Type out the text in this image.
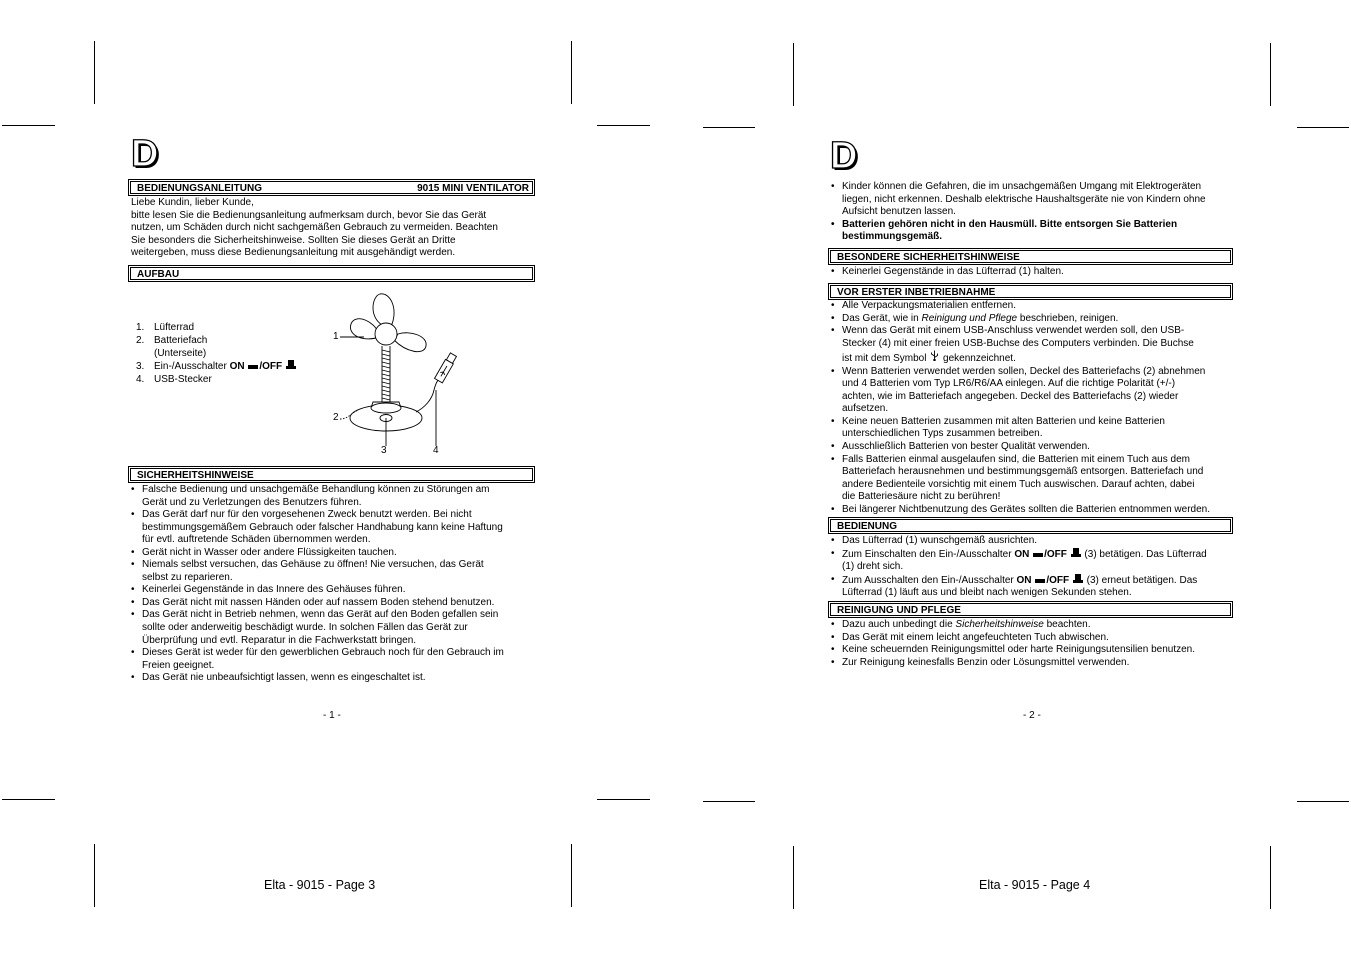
D
BEDIENUNGSANLEITUNG	9015 MINI VENTILATOR
Liebe Kundin, lieber Kunde,
bitte lesen Sie die Bedienungsanleitung aufmerksam durch, bevor Sie das Gerät
nutzen, um Schäden durch nicht sachgemäßen Gebrauch zu vermeiden. Beachten
Sie besonders die Sicherheitshinweise. Sollten Sie dieses Gerät an Dritte
weitergeben, muss diese Bedienungsanleitung mit ausgehändigt werden.
AUFBAU
1. Lüfterrad
2. Batteriefach
(Unterseite)
3. Ein-/Ausschalter ON /OFF
4. USB-Stecker
1
2
3	4
SICHERHEITSHINWEISE
• Falsche Bedienung und unsachgemäße Behandlung können zu Störungen am
Gerät und zu Verletzungen des Benutzers führen.
• Das Gerät darf nur für den vorgesehenen Zweck benutzt werden. Bei nicht
bestimmungsgemäßem Gebrauch oder falscher Handhabung kann keine Haftung
für evtl. auftretende Schäden übernommen werden.
• Gerät nicht in Wasser oder andere Flüssigkeiten tauchen.
• Niemals selbst versuchen, das Gehäuse zu öffnen! Nie versuchen, das Gerät
selbst zu reparieren.
• Keinerlei Gegenstände in das Innere des Gehäuses führen.
• Das Gerät nicht mit nassen Händen oder auf nassem Boden stehend benutzen.
• Das Gerät nicht in Betrieb nehmen, wenn das Gerät auf den Boden gefallen sein
sollte oder anderweitig beschädigt wurde. In solchen Fällen das Gerät zur
Überprüfung und evtl. Reparatur in die Fachwerkstatt bringen.
• Dieses Gerät ist weder für den gewerblichen Gebrauch noch für den Gebrauch im
Freien geeignet.
• Das Gerät nie unbeaufsichtigt lassen, wenn es eingeschaltet ist.
- 1 -
Elta - 9015 - Page 3
D
• Kinder können die Gefahren, die im unsachgemäßen Umgang mit Elektrogeräten
liegen, nicht erkennen. Deshalb elektrische Haushaltsgeräte nie von Kindern ohne
Aufsicht benutzen lassen.
• Batterien gehören nicht in den Hausmüll. Bitte entsorgen Sie Batterien
bestimmungsgemäß.
BESONDERE SICHERHEITSHINWEISE
• Keinerlei Gegenstände in das Lüfterrad (1) halten.
VOR ERSTER INBETRIEBNAHME
• Alle Verpackungsmaterialien entfernen.
• Das Gerät, wie in Reinigung und Pflege beschrieben, reinigen.
• Wenn das Gerät mit einem USB-Anschluss verwendet werden soll, den USB-
Stecker (4) mit einer freien USB-Buchse des Computers verbinden. Die Buchse
ist mit dem Symbol  gekennzeichnet.
• Wenn Batterien verwendet werden sollen, Deckel des Batteriefachs (2) abnehmen
und 4 Batterien vom Typ LR6/R6/AA einlegen. Auf die richtige Polarität (+/-)
achten, wie im Batteriefach angegeben. Deckel des Batteriefachs (2) wieder
aufsetzen.
• Keine neuen Batterien zusammen mit alten Batterien und keine Batterien
unterschiedlichen Typs zusammen betreiben.
• Ausschließlich Batterien von bester Qualität verwenden.
• Falls Batterien einmal ausgelaufen sind, die Batterien mit einem Tuch aus dem
Batteriefach herausnehmen und bestimmungsgemäß entsorgen. Batteriefach und
andere Bedienteile vorsichtig mit einem Tuch auswischen. Darauf achten, dabei
die Batteriesäure nicht zu berühren!
• Bei längerer Nichtbenutzung des Gerätes sollten die Batterien entnommen werden.
BEDIENUNG
• Das Lüfterrad (1) wunschgemäß ausrichten.
• Zum Einschalten den Ein-/Ausschalter ON /OFF  (3) betätigen. Das Lüfterrad
(1) dreht sich.
• Zum Ausschalten den Ein-/Ausschalter ON /OFF  (3) erneut betätigen. Das
Lüfterrad (1) läuft aus und bleibt nach wenigen Sekunden stehen.
REINIGUNG UND PFLEGE
• Dazu auch unbedingt die Sicherheitshinweise beachten.
• Das Gerät mit einem leicht angefeuchteten Tuch abwischen.
• Keine scheuernden Reinigungsmittel oder harte Reinigungsutensilien benutzen.
• Zur Reinigung keinesfalls Benzin oder Lösungsmittel verwenden.
- 2 -
Elta - 9015 - Page 4
